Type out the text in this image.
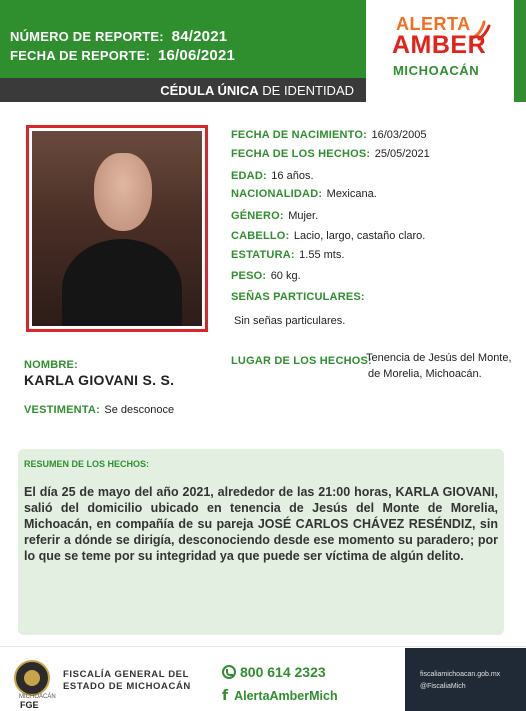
NÚMERO DE REPORTE: 84/2021
FECHA DE REPORTE: 16/06/2021
CÉDULA ÚNICA DE IDENTIDAD
ALERTA
AMBER
MICHOACÁN
FECHA DE NACIMIENTO: 16/03/2005
FECHA DE LOS HECHOS: 25/05/2021
EDAD: 16 años.
NACIONALIDAD: Mexicana.
GÉNERO: Mujer.
CABELLO: Lacio, largo, castaño claro.
ESTATURA: 1.55 mts.
PESO: 60 kg.
SEÑAS PARTICULARES:
Sin señas particulares.
LUGAR DE LOS HECHOS:
Tenencia de Jesús del Monte,
de Morelia, Michoacán.
NOMBRE:
KARLA GIOVANI S. S.
VESTIMENTA: Se desconoce
RESUMEN DE LOS HECHOS:
El día 25 de mayo del año 2021, alrededor de las 21:00 horas, KARLA GIOVANI, salió del domicilio ubicado en tenencia de Jesús del Monte de Morelia, Michoacán, en compañía de su pareja JOSÉ CARLOS CHÁVEZ RESÉNDIZ, sin referir a dónde se dirigía, desconociendo desde ese momento su paradero; por lo que se teme por su integridad ya que puede ser víctima de algún delito.
MICHOACÁN
FGE
FISCALÍA GENERAL DEL
ESTADO DE MICHOACÁN
800 614 2323
f AlertaAmberMich
fiscaliamichoacan.gob.mx
@FiscaliaMich
